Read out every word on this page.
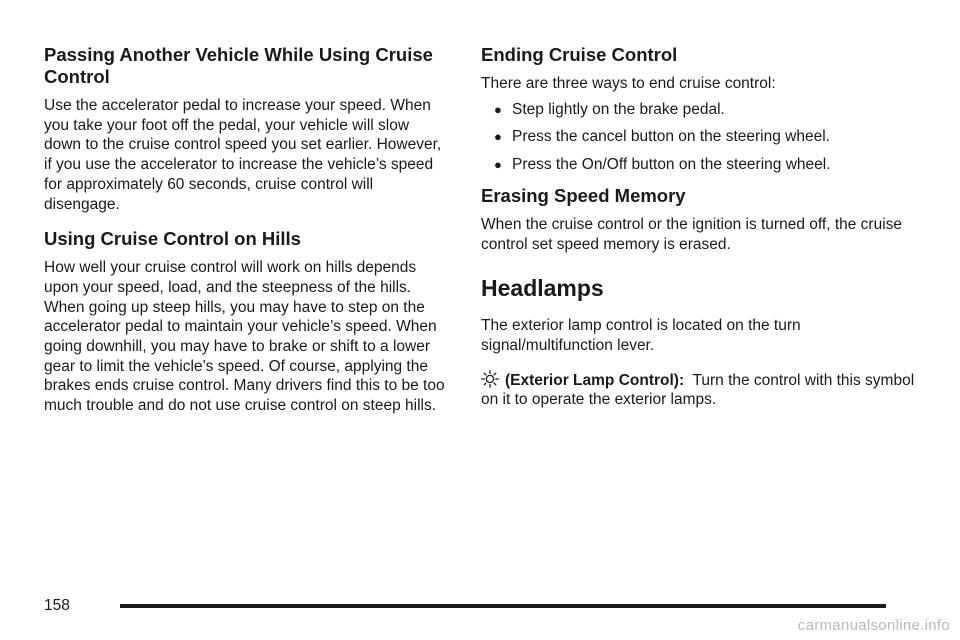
Passing Another Vehicle While Using Cruise Control

Use the accelerator pedal to increase your speed. When you take your foot off the pedal, your vehicle will slow down to the cruise control speed you set earlier. However, if you use the accelerator to increase the vehicle’s speed for approximately 60 seconds, cruise control will disengage.

Using Cruise Control on Hills

How well your cruise control will work on hills depends upon your speed, load, and the steepness of the hills. When going up steep hills, you may have to step on the accelerator pedal to maintain your vehicle’s speed. When going downhill, you may have to brake or shift to a lower gear to limit the vehicle’s speed. Of course, applying the brakes ends cruise control. Many drivers find this to be too much trouble and do not use cruise control on steep hills.

Ending Cruise Control

There are three ways to end cruise control:

● Step lightly on the brake pedal.
● Press the cancel button on the steering wheel.
● Press the On/Off button on the steering wheel.
Erasing Speed Memory

When the cruise control or the ignition is turned off, the cruise control set speed memory is erased.

Headlamps

The exterior lamp control is located on the turn signal/multifunction lever.

(Exterior Lamp Control): Turn the control with this symbol on it to operate the exterior lamps.

158
carmanualsonline.info
